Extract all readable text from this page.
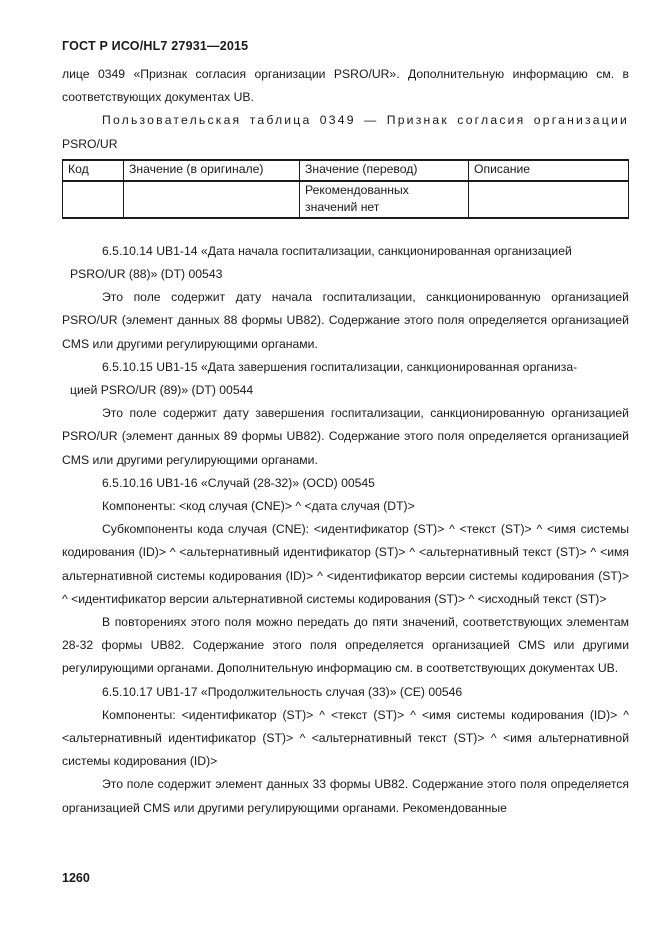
ГОСТ Р ИСО/HL7 27931—2015

лице 0349 «Признак согласия организации PSRO/UR». Дополнительную информацию см. в соответствующих документах UB.

Пользовательская таблица 0349 — Признак согласия организации

PSRO/UR

Код	Значение (в оригинале)	Значение (перевод)	Описание
		Рекомендованных значений нет	

6.5.10.14 UB1-14 «Дата начала госпитализации, санкционированная организацией
PSRO/UR (88)» (DT) 00543

Это поле содержит дату начала госпитализации, санкционированную организацией PSRO/UR (элемент данных 88 формы UB82). Содержание этого поля определяется организацией CMS или другими регулирующими органами.

6.5.10.15 UB1-15 «Дата завершения госпитализации, санкционированная организа-
цией PSRO/UR (89)» (DT) 00544

Это поле содержит дату завершения госпитализации, санкционированную организацией PSRO/UR (элемент данных 89 формы UB82). Содержание этого поля определяется организацией CMS или другими регулирующими органами.

6.5.10.16 UB1-16 «Случай (28-32)» (OCD) 00545

Компоненты: <код случая (CNE)> ^ <дата случая (DT)>

Субкомпоненты кода случая (CNE): <идентификатор (ST)> ^ <текст (ST)> ^ <имя системы кодирования (ID)> ^ <альтернативный идентификатор (ST)> ^ <альтернативный текст (ST)> ^ <имя альтернативной системы кодирования (ID)> ^ <идентификатор версии системы кодирования (ST)> ^ <идентификатор версии альтернативной системы кодирования (ST)> ^ <исходный текст (ST)>

В повторениях этого поля можно передать до пяти значений, соответствующих элементам 28-32 формы UB82. Содержание этого поля определяется организацией CMS или другими регулирующими органами. Дополнительную информацию см. в соответствующих документах UB.

6.5.10.17 UB1-17 «Продолжительность случая (33)» (CE) 00546

Компоненты: <идентификатор (ST)> ^ <текст (ST)> ^ <имя системы кодирования (ID)> ^ <альтернативный идентификатор (ST)> ^ <альтернативный текст (ST)> ^ <имя альтернативной системы кодирования (ID)>

Это поле содержит элемент данных 33 формы UB82. Содержание этого поля определяется организацией CMS или другими регулирующими органами. Рекомендованные

1260
